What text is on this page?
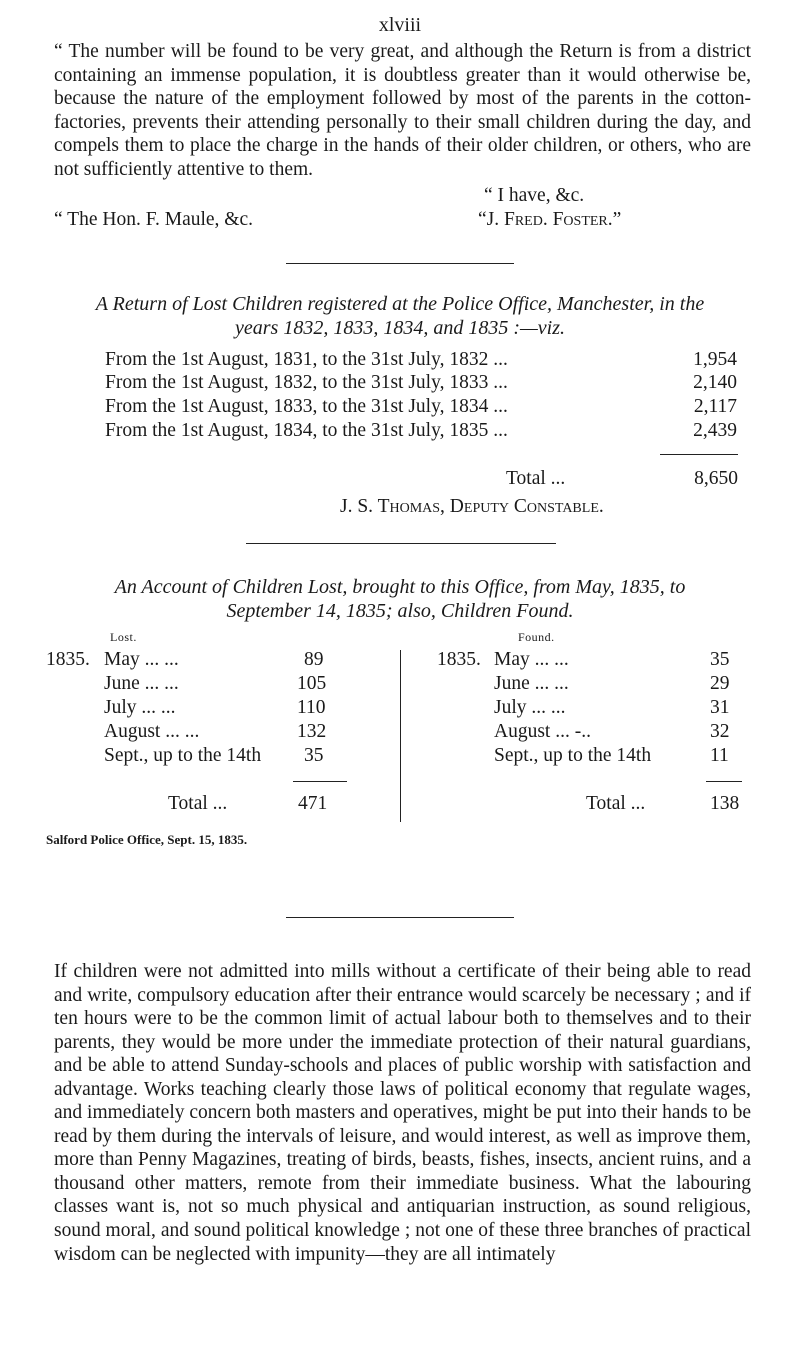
xlviii
“ The number will be found to be very great, and although the Return is from a district containing an immense population, it is doubtless greater than it would otherwise be, because the nature of the employment followed by most of the parents in the cotton-factories, prevents their attending personally to their small children during the day, and compels them to place the charge in the hands of their older children, or others, who are not sufficiently attentive to them.
“ I have, &c.
“ The Hon. F. Maule, &c.	“J. Fred. Foster.”
A Return of Lost Children registered at the Police Office, Manchester, in the
years 1832, 1833, 1834, and 1835 :—viz.
From the 1st August, 1831, to the 31st July, 1832 ...	1,954
From the 1st August, 1832, to the 31st July, 1833 ...	2,140
From the 1st August, 1833, to the 31st July, 1834 ...	2,117
From the 1st August, 1834, to the 31st July, 1835 ...	2,439
Total ...	8,650
J. S. Thomas, Deputy Constable.
An Account of Children Lost, brought to this Office, from May, 1835, to
September 14, 1835; also, Children Found.
Lost.
1835. May ... ...	89
June ... ...	105
July ... ...	110
August ... ...	132
Sept., up to the 14th 35
Total ...	471
Found.
1835. May ... ...	35
June ... ...	29
July ... ...	31
August ... -..	32
Sept., up to the 14th	11
Total ...	138
Salford Police Office, Sept. 15, 1835.
If children were not admitted into mills without a certificate of their being able to read and write, compulsory education after their entrance would scarcely be necessary ; and if ten hours were to be the common limit of actual labour both to themselves and to their parents, they would be more under the immediate protection of their natural guardians, and be able to attend Sunday-schools and places of public worship with satisfaction and advantage. Works teaching clearly those laws of political economy that regulate wages, and immediately concern both masters and operatives, might be put into their hands to be read by them during the intervals of leisure, and would interest, as well as improve them, more than Penny Magazines, treating of birds, beasts, fishes, insects, ancient ruins, and a thousand other matters, remote from their immediate business. What the labouring classes want is, not so much physical and antiquarian instruction, as sound religious, sound moral, and sound political knowledge ; not one of these three branches of practical wisdom can be neglected with impunity—they are all intimately
